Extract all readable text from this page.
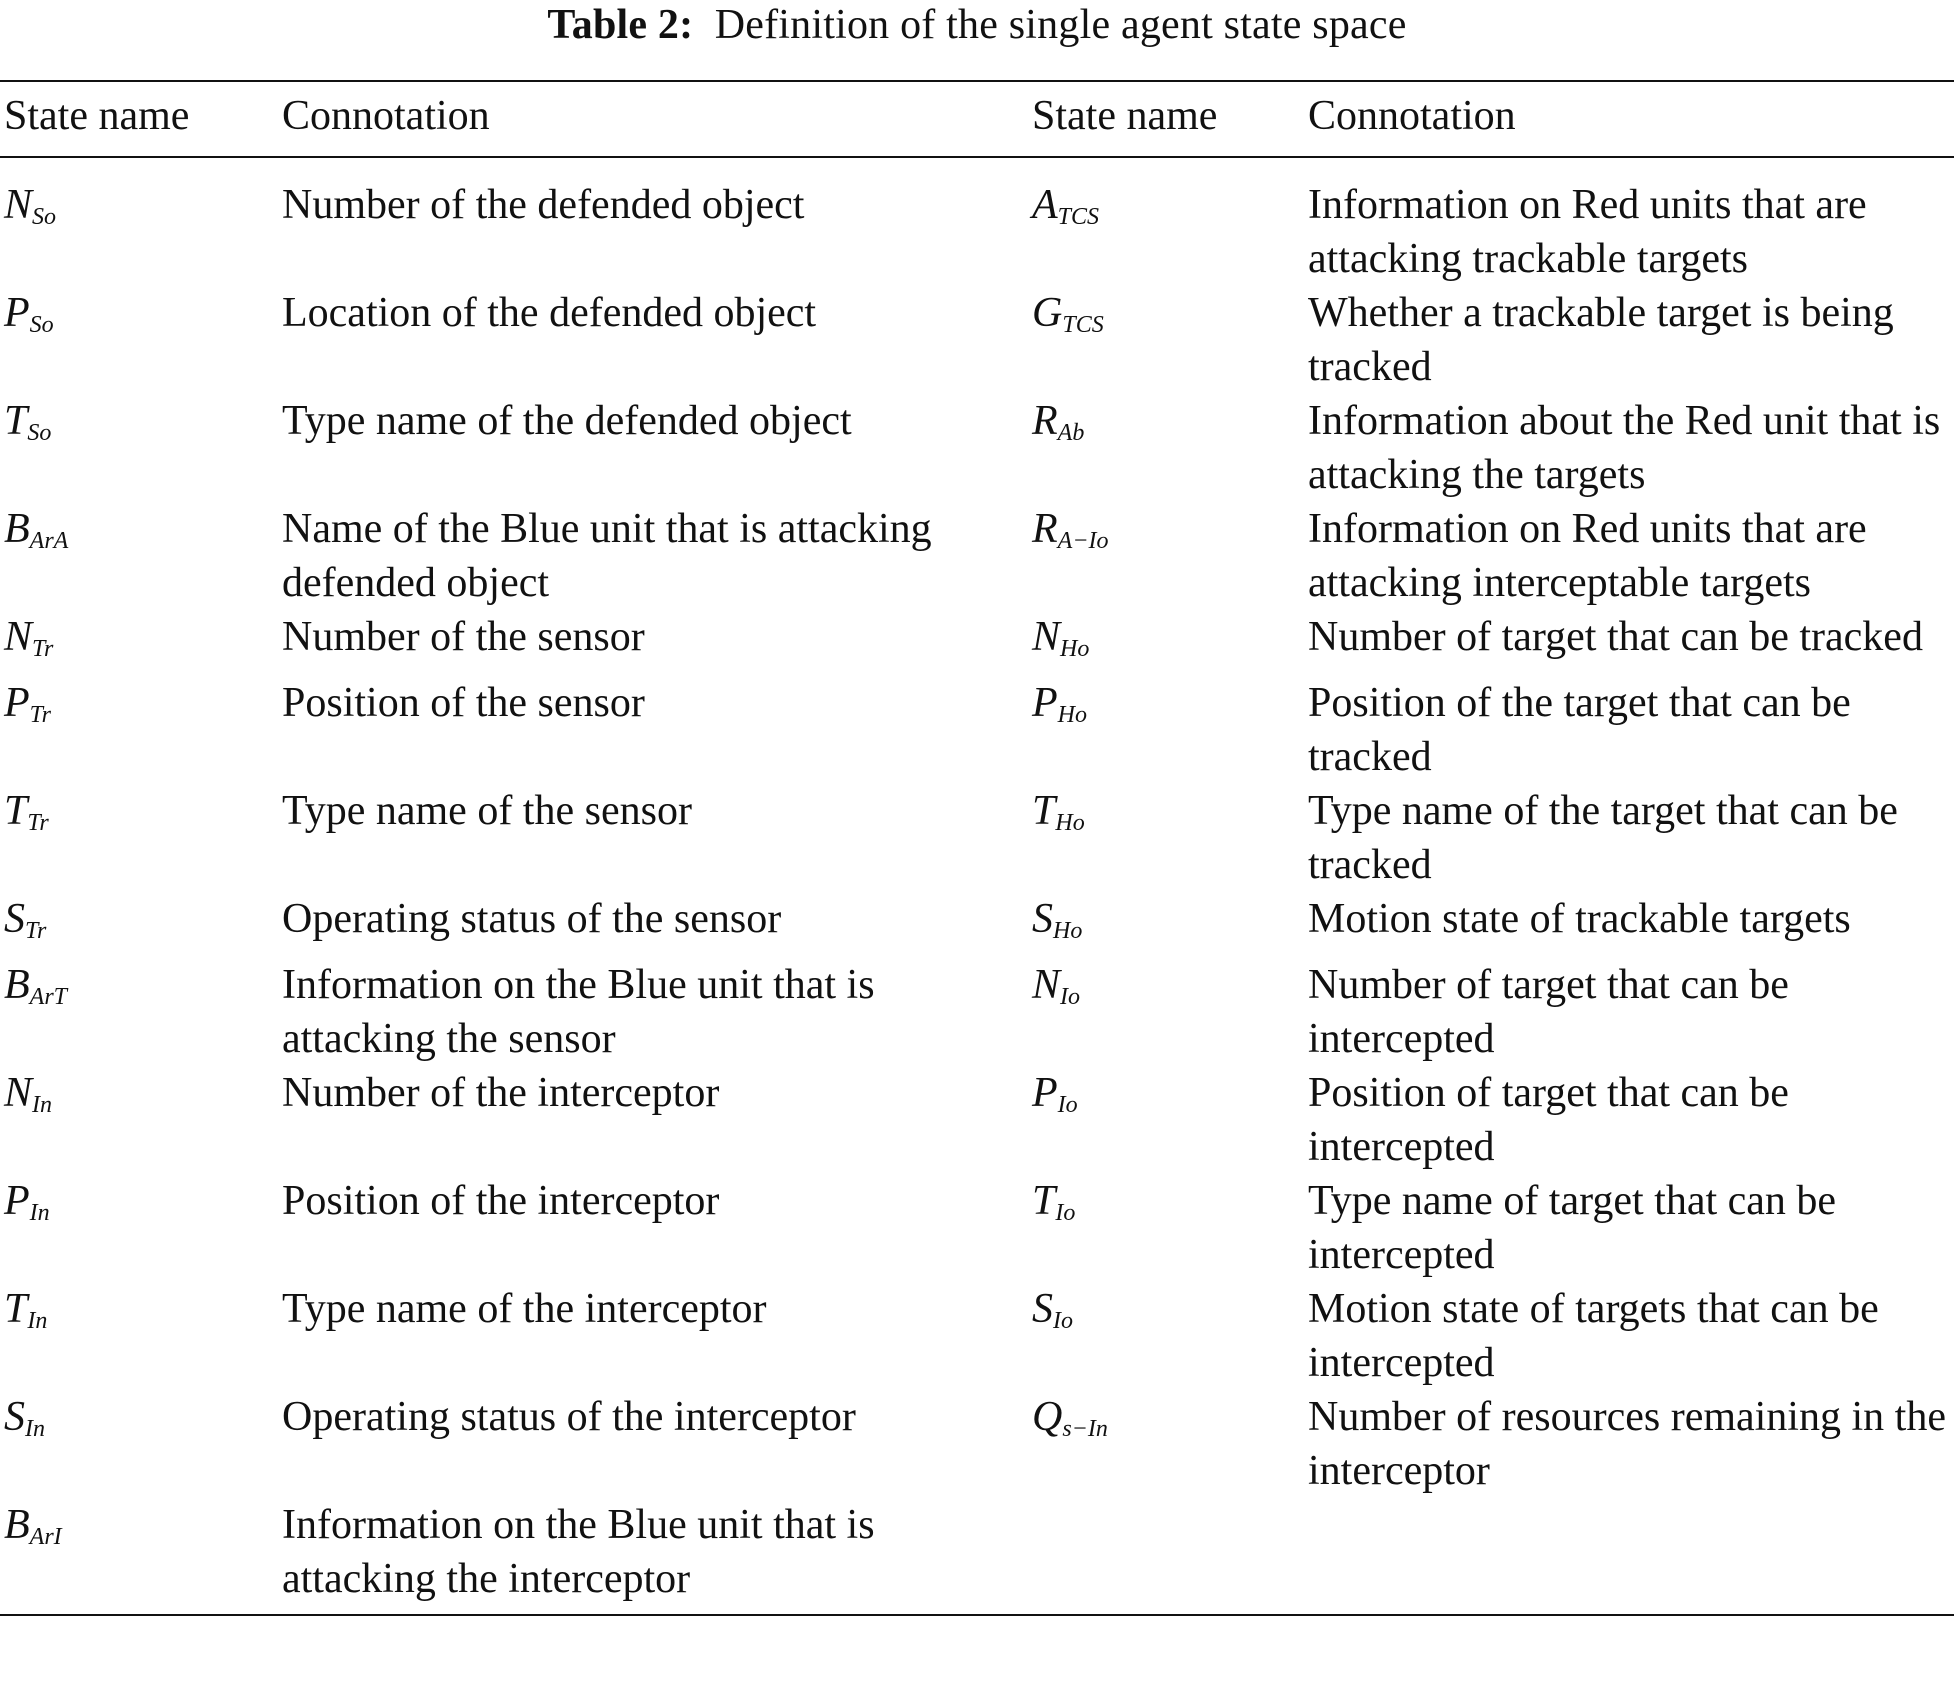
Table 2: Definition of the single agent state space
State name	Connotation	State name	Connotation
$N_{So}$	Number of the defended object	$A_{TCS}$	Information on Red units that are attacking trackable targets
$P_{So}$	Location of the defended object	$G_{TCS}$	Whether a trackable target is being tracked
$T_{So}$	Type name of the defended object	$R_{Ab}$	Information about the Red unit that is attacking the targets
$B_{ArA}$	Name of the Blue unit that is attacking defended object	$R_{A-Io}$	Information on Red units that are attacking interceptable targets
$N_{Tr}$	Number of the sensor	$N_{Ho}$	Number of target that can be tracked
$P_{Tr}$	Position of the sensor	$P_{Ho}$	Position of the target that can be tracked
$T_{Tr}$	Type name of the sensor	$T_{Ho}$	Type name of the target that can be tracked
$S_{Tr}$	Operating status of the sensor	$S_{Ho}$	Motion state of trackable targets
$B_{ArT}$	Information on the Blue unit that is attacking the sensor	$N_{Io}$	Number of target that can be intercepted
$N_{In}$	Number of the interceptor	$P_{Io}$	Position of target that can be intercepted
$P_{In}$	Position of the interceptor	$T_{Io}$	Type name of target that can be intercepted
$T_{In}$	Type name of the interceptor	$S_{Io}$	Motion state of targets that can be intercepted
$S_{In}$	Operating status of the interceptor	$Q_{s-In}$	Number of resources remaining in the interceptor
$B_{ArI}$	Information on the Blue unit that is attacking the interceptor		
